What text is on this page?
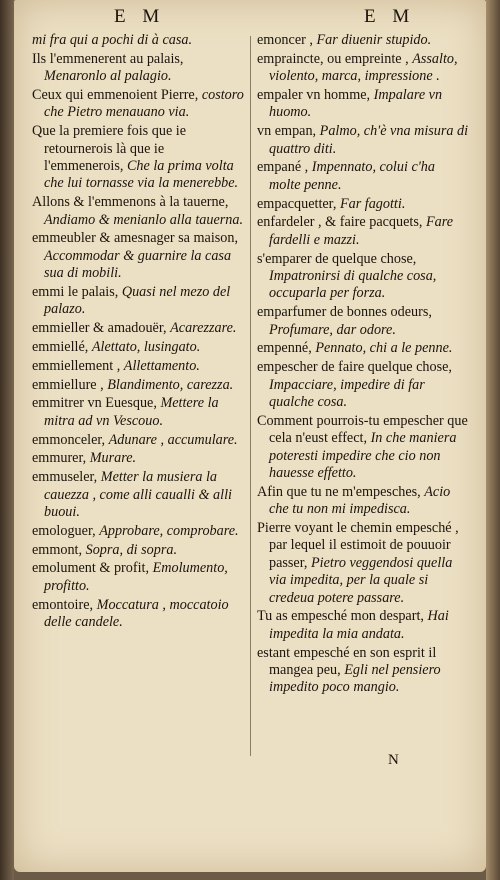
E M	E M
mi fra qui a pochi di à casa.
Ils l'emmenerent au palais, Menaronlo al palagio.
Ceux qui emmenoient Pierre, costoro che Pietro menauano via.
Que la premiere fois que ie retournerois là que ie l'emmenerois, Che la prima volta che lui tornasse via la menerebbe.
Allons & l'emmenons à la tauerne, Andiamo & menianlo alla tauerna.
emmeubler & amesnager sa maison, Accommodar & guarnire la casa sua di mobili.
emmi le palais, Quasi nel mezo del palazo.
emmieller & amadouër, Acarezzare.
emmiellé, Alettato, lusingato.
emmiellement , Allettamento.
emmiellure , Blandimento, carezza.
emmitrer vn Euesque, Mettere la mitra ad vn Vescouo.
emmonceler, Adunare , accumulare.
emmurer, Murare.
emmuseler, Metter la musiera la cauezza , come alli caualli & alli buoui.
emologuer, Approbare, comprobare.
emmont, Sopra, di sopra.
emolument & profit, Emolumento, profitto.
emontoire, Moccatura , moccatoio delle candele.
emoncer , Far diuenir stupido.
empraincte, ou empreinte , Assalto, violento, marca, impressione .
empaler vn homme, Impalare vn huomo.
vn empan, Palmo, ch'è vna misura di quattro diti.
empané , Impennato, colui c'ha molte penne.
empacquetter, Far fagotti.
enfardeler , & faire pacquets, Fare fardelli e mazzi.
s'emparer de quelque chose, Impatronirsi di qualche cosa, occuparla per forza.
emparfumer de bonnes odeurs, Profumare, dar odore.
empenné, Pennato, chi a le penne.
empescher de faire quelque chose, Impacciare, impedire di far qualche cosa.
Comment pourrois-tu empescher que cela n'eust effect, In che maniera poteresti impedire che cio non hauesse effetto.
Afin que tu ne m'empesches, Acio che tu non mi impedisca.
Pierre voyant le chemin empesché , par lequel il estimoit de pouuoir passer, Pietro veggendosi quella via impedita, per la quale si credeua potere passare.
Tu as empesché mon despart, Hai impedita la mia andata.
estant empesché en son esprit il mangea peu, Egli nel pensiero impedito poco mangio.
N
